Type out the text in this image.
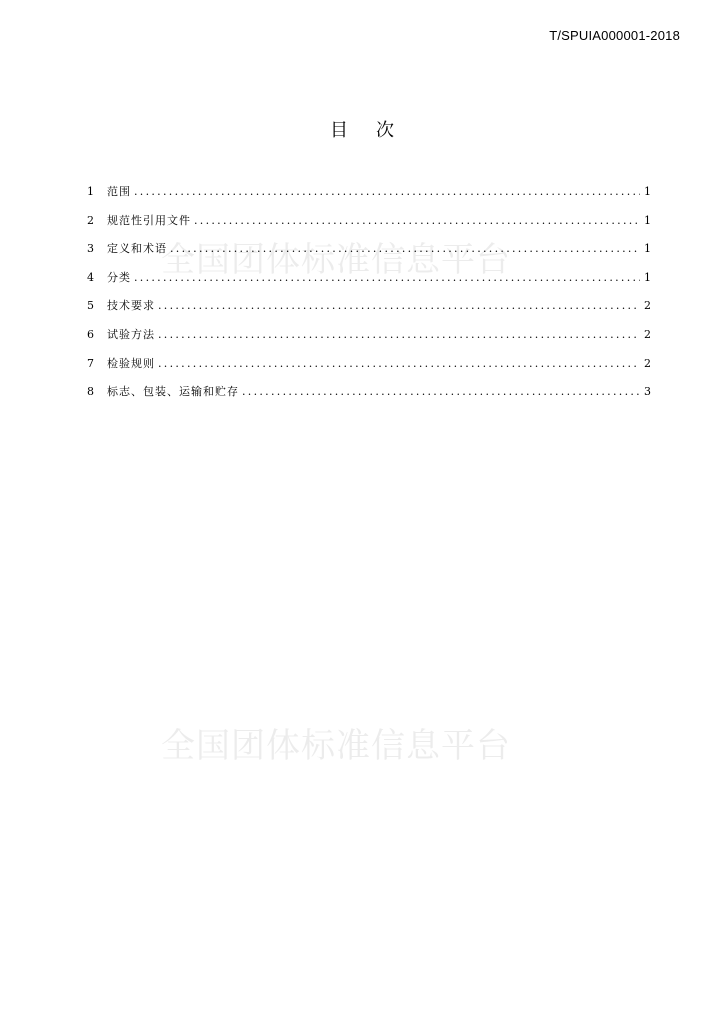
T/SPUIA000001-2018
目次
全国团体标准信息平台
全国团体标准信息平台
1	范围 .....	1
2	规范性引用文件 .....	1
3	定义和术语 .....	1
4	分类 .....	1
5	技术要求 .....	2
6	试验方法 .....	2
7	检验规则 .....	2
8	标志、包装、运输和贮存 .....	3
